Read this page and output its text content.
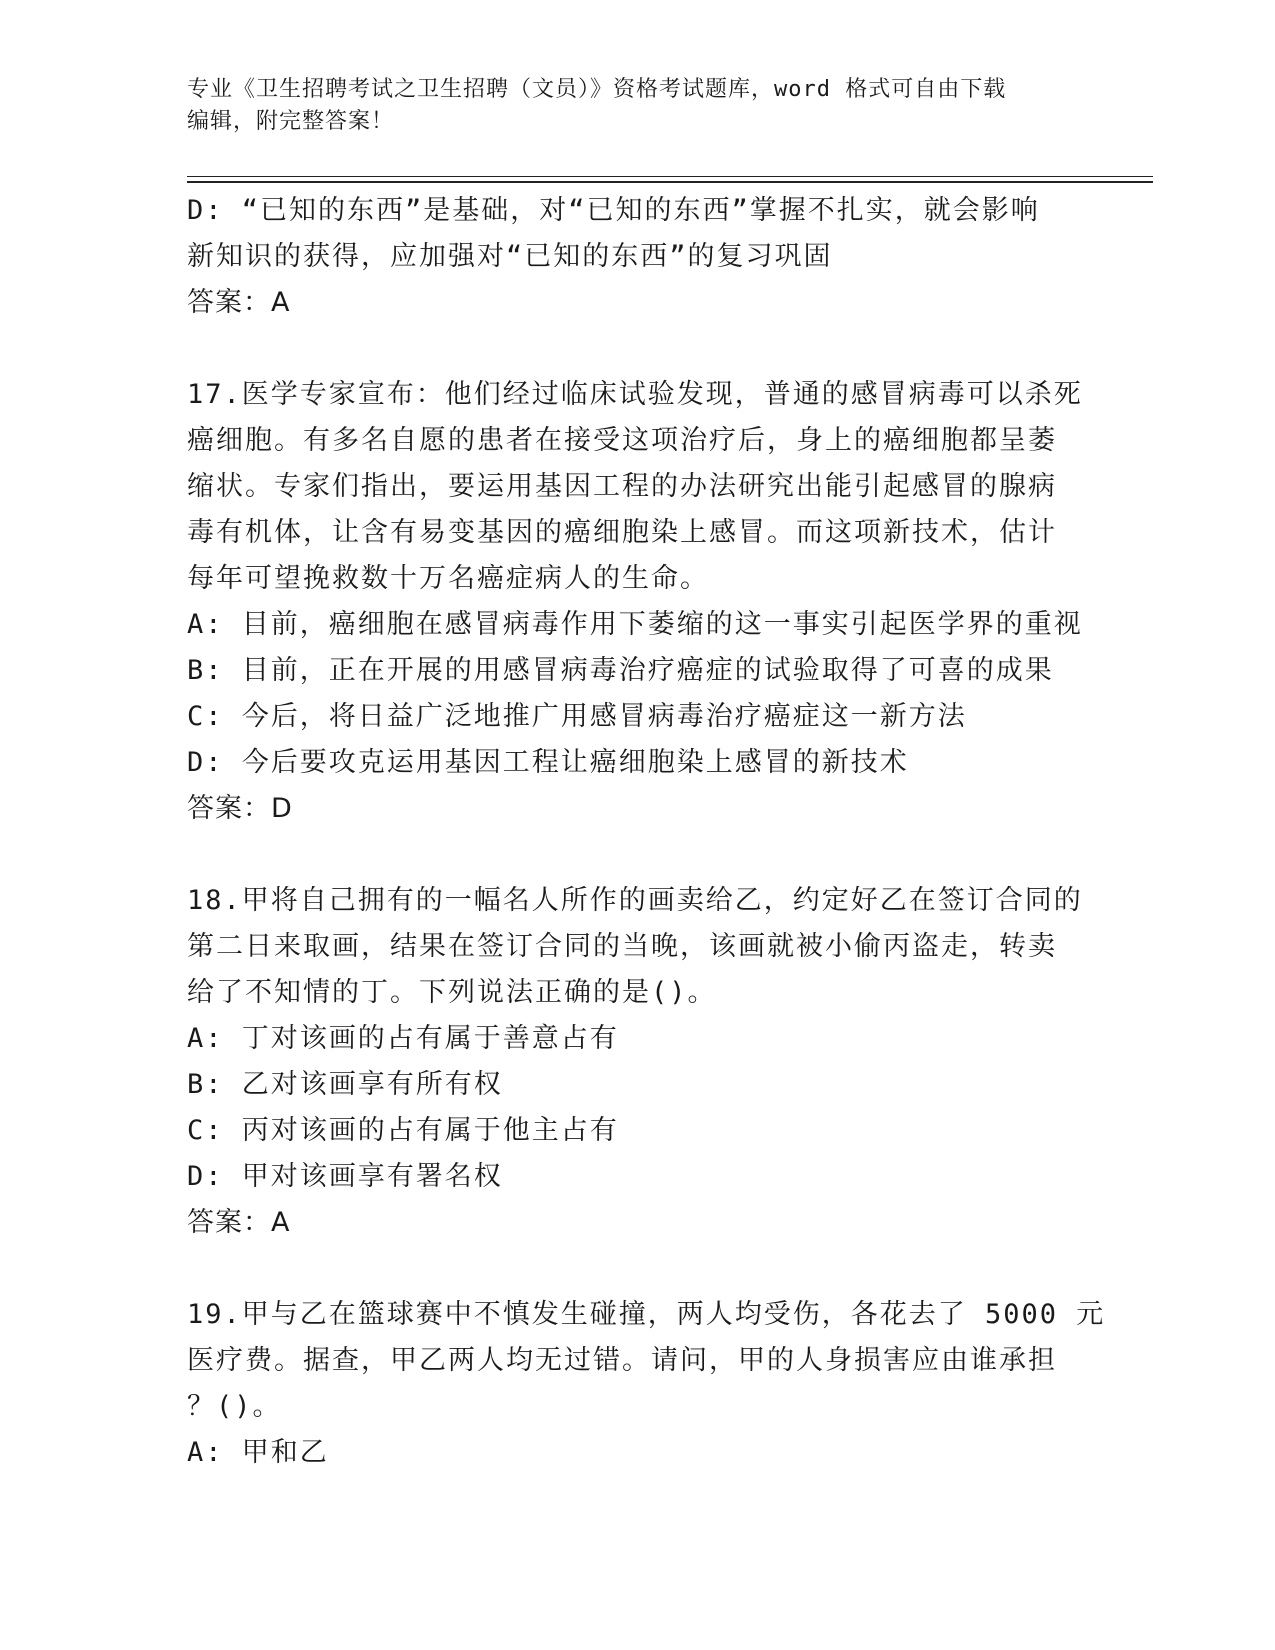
专业《卫生招聘考试之卫生招聘（文员）》资格考试题库，word 格式可自由下载
编辑，附完整答案！
D: “已知的东西”是基础，对“已知的东西”掌握不扎实，就会影响
新知识的获得，应加强对“已知的东西”的复习巩固
答案：A
17.医学专家宣布：他们经过临床试验发现，普通的感冒病毒可以杀死
癌细胞。有多名自愿的患者在接受这项治疗后，身上的癌细胞都呈萎
缩状。专家们指出，要运用基因工程的办法研究出能引起感冒的腺病
毒有机体，让含有易变基因的癌细胞染上感冒。而这项新技术，估计
每年可望挽救数十万名癌症病人的生命。
A: 目前，癌细胞在感冒病毒作用下萎缩的这一事实引起医学界的重视
B: 目前，正在开展的用感冒病毒治疗癌症的试验取得了可喜的成果
C: 今后，将日益广泛地推广用感冒病毒治疗癌症这一新方法
D: 今后要攻克运用基因工程让癌细胞染上感冒的新技术
答案：D
18.甲将自己拥有的一幅名人所作的画卖给乙，约定好乙在签订合同的
第二日来取画，结果在签订合同的当晚，该画就被小偷丙盗走，转卖
给了不知情的丁。下列说法正确的是()。
A: 丁对该画的占有属于善意占有
B: 乙对该画享有所有权
C: 丙对该画的占有属于他主占有
D: 甲对该画享有署名权
答案：A
19.甲与乙在篮球赛中不慎发生碰撞，两人均受伤，各花去了 5000 元
医疗费。据查，甲乙两人均无过错。请问，甲的人身损害应由谁承担
？()。
A: 甲和乙
